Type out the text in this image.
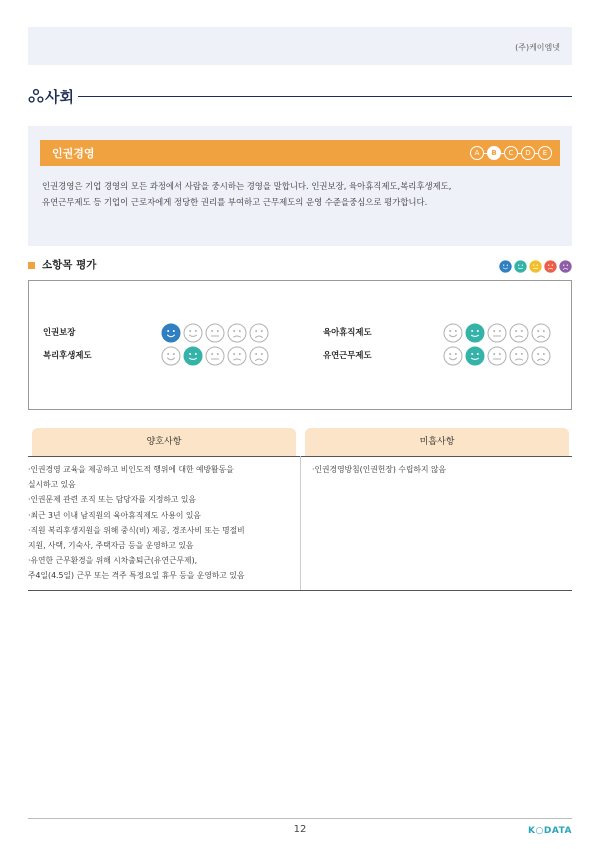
(주)케이엠넷
사회
인권경영	A	B	C	D	E
인권경영은 기업 경영의 모든 과정에서 사람을 중시하는 경영을 말합니다. 인권보장, 육아휴직제도,복리후생제도,
유연근무제도 등 기업이 근로자에게 정당한 권리를 부여하고 근무제도의 운영 수준을중심으로 평가합니다.
소항목 평가
인권보장	육아휴직제도
복리후생제도	유연근무제도
양호사항	미흡사항

·인권경영 교육을 제공하고 비인도적 행위에 대한 예방활동을

실시하고 있음

·인권문제 관련 조직 또는 담당자를 지정하고 있음

·최근 3년 이내 남직원의 육아휴직제도 사용이 있음

·직원 복리후생지원을 위해 중식(비) 제공, 경조사비 또는 명절비

지원, 사택, 기숙사, 주택자금 등을 운영하고 있음

·유연한 근무환경을 위해 시차출퇴근(유연근무제),

주4일(4.5일) 근무 또는 격주 특정요일 휴무 등을 운영하고 있음

·인권경영방침(인권헌장) 수립하지 않음

12	K○DATA
